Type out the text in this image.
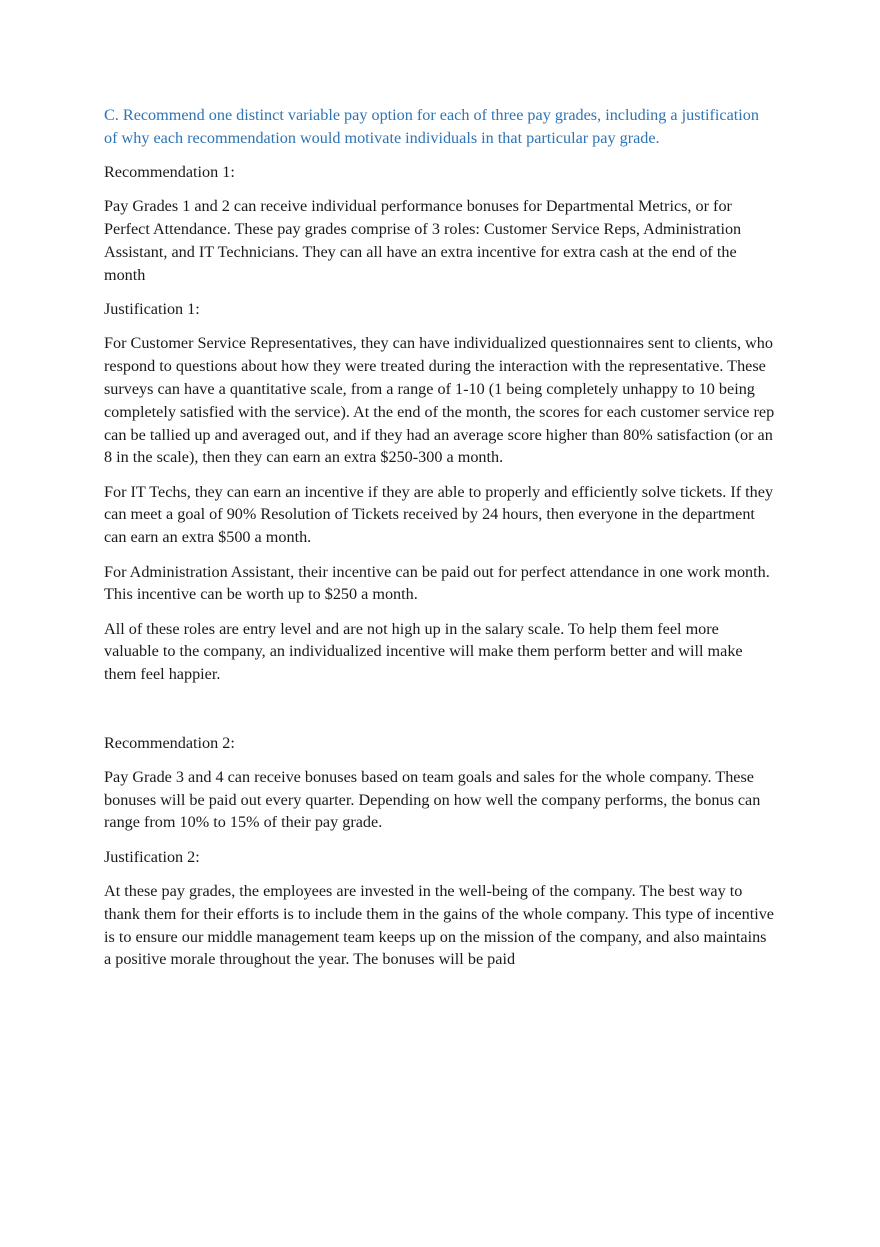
C. Recommend one distinct variable pay option for each of three pay grades, including a justification of why each recommendation would motivate individuals in that particular pay grade.

Recommendation 1:

Pay Grades 1 and 2 can receive individual performance bonuses for Departmental Metrics, or for Perfect Attendance. These pay grades comprise of 3 roles: Customer Service Reps, Administration Assistant, and IT Technicians. They can all have an extra incentive for extra cash at the end of the month

Justification 1:

For Customer Service Representatives, they can have individualized questionnaires sent to clients, who respond to questions about how they were treated during the interaction with the representative. These surveys can have a quantitative scale, from a range of 1-10 (1 being completely unhappy to 10 being completely satisfied with the service). At the end of the month, the scores for each customer service rep can be tallied up and averaged out, and if they had an average score higher than 80% satisfaction (or an 8 in the scale), then they can earn an extra $250-300 a month.

For IT Techs, they can earn an incentive if they are able to properly and efficiently solve tickets. If they can meet a goal of 90% Resolution of Tickets received by 24 hours, then everyone in the department can earn an extra $500 a month.

For Administration Assistant, their incentive can be paid out for perfect attendance in one work month. This incentive can be worth up to $250 a month.

All of these roles are entry level and are not high up in the salary scale. To help them feel more valuable to the company, an individualized incentive will make them perform better and will make them feel happier.

Recommendation 2:

Pay Grade 3 and 4 can receive bonuses based on team goals and sales for the whole company. These bonuses will be paid out every quarter. Depending on how well the company performs, the bonus can range from 10% to 15% of their pay grade.

Justification 2:

At these pay grades, the employees are invested in the well-being of the company. The best way to thank them for their efforts is to include them in the gains of the whole company. This type of incentive is to ensure our middle management team keeps up on the mission of the company, and also maintains a positive morale throughout the year. The bonuses will be paid
